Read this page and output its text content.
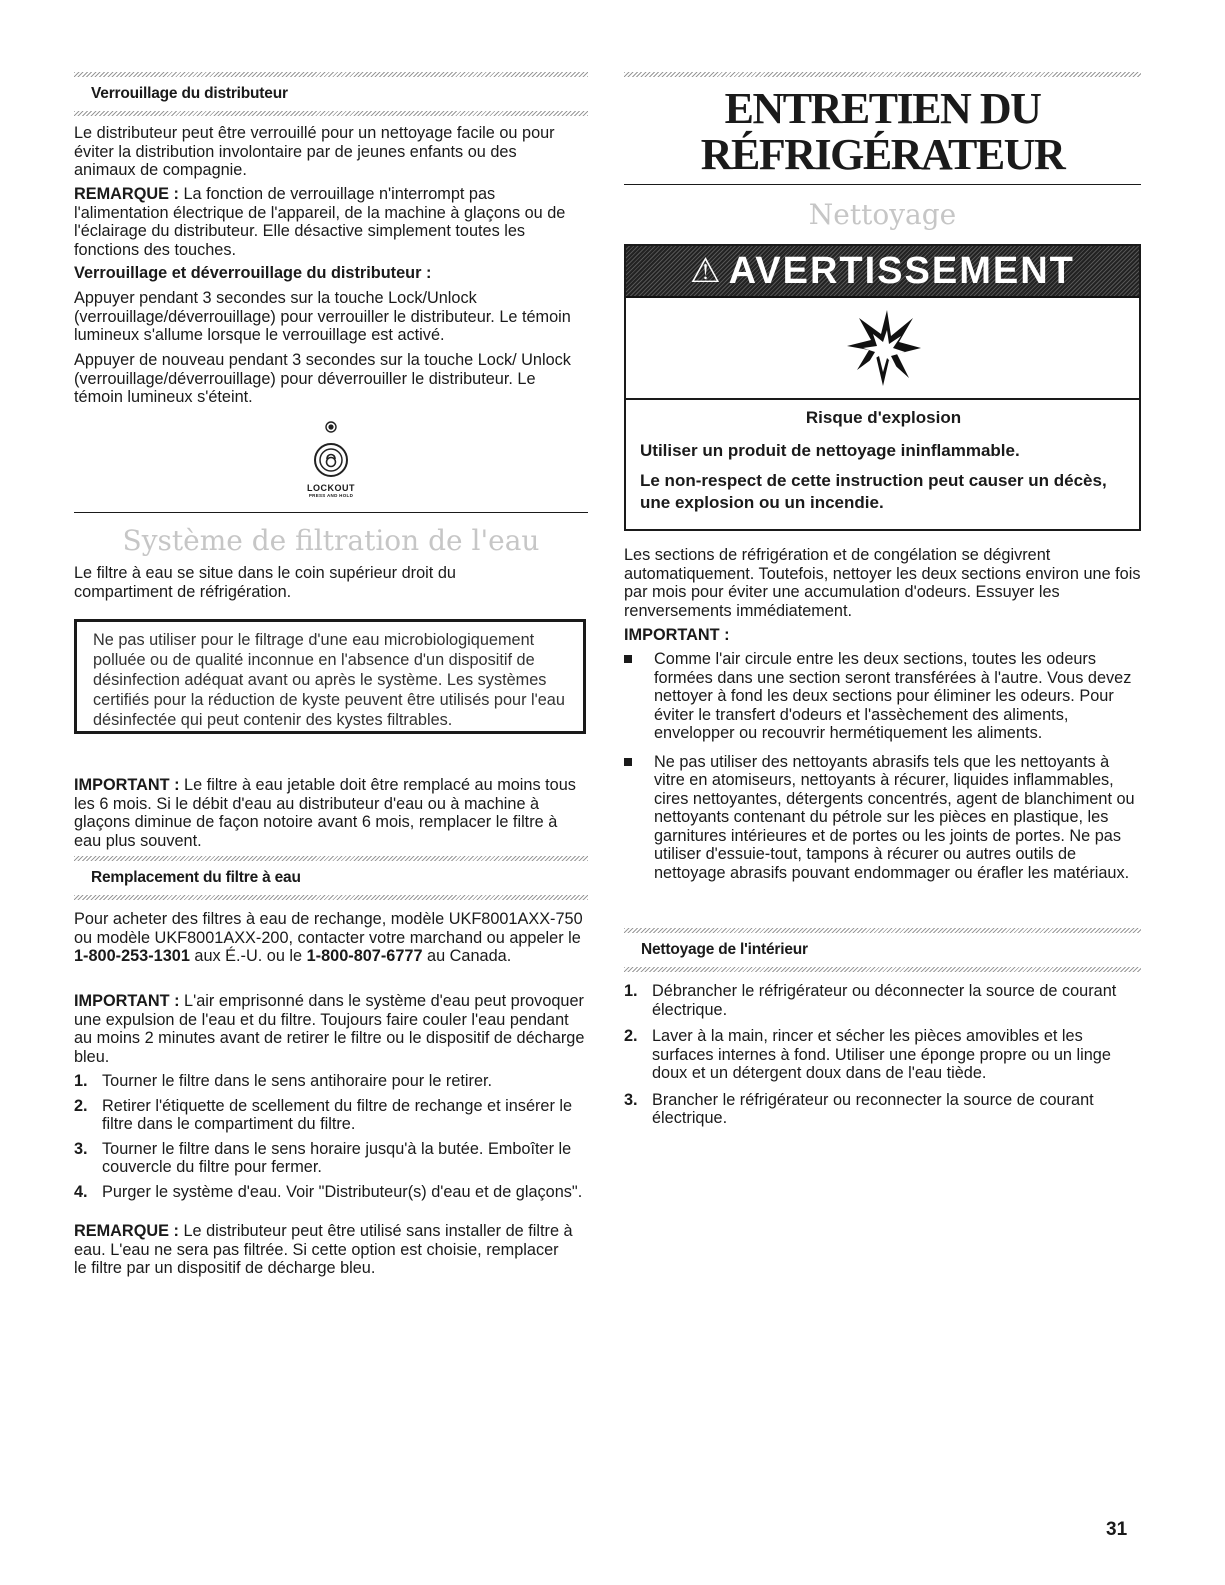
Verrouillage du distributeur

Le distributeur peut être verrouillé pour un nettoyage facile ou pour éviter la distribution involontaire par de jeunes enfants ou des animaux de compagnie.

REMARQUE : La fonction de verrouillage n'interrompt pas l'alimentation électrique de l'appareil, de la machine à glaçons ou de l'éclairage du distributeur. Elle désactive simplement toutes les fonctions des touches.

Verrouillage et déverrouillage du distributeur :

Appuyer pendant 3 secondes sur la touche Lock/Unlock (verrouillage/déverrouillage) pour verrouiller le distributeur. Le témoin lumineux s'allume lorsque le verrouillage est activé.

Appuyer de nouveau pendant 3 secondes sur la touche Lock/ Unlock (verrouillage/déverrouillage) pour déverrouiller le distributeur. Le témoin lumineux s'éteint.

LOCKOUT
PRESS AND HOLD
Système de filtration de l'eau

Le filtre à eau se situe dans le coin supérieur droit du compartiment de réfrigération.

Ne pas utiliser pour le filtrage d'une eau microbiologiquement polluée ou de qualité inconnue en l'absence d'un dispositif de désinfection adéquat avant ou après le système. Les systèmes certifiés pour la réduction de kyste peuvent être utilisés pour l'eau désinfectée qui peut contenir des kystes filtrables.

IMPORTANT : Le filtre à eau jetable doit être remplacé au moins tous les 6 mois. Si le débit d'eau au distributeur d'eau ou à machine à glaçons diminue de façon notoire avant 6 mois, remplacer le filtre à eau plus souvent.

Remplacement du filtre à eau

Pour acheter des filtres à eau de rechange, modèle UKF8001AXX-750 ou modèle UKF8001AXX-200, contacter votre marchand ou appeler le 1-800-253-1301 aux É.-U. ou le 1-800-807-6777 au Canada.

IMPORTANT : L'air emprisonné dans le système d'eau peut provoquer une expulsion de l'eau et du filtre. Toujours faire couler l'eau pendant au moins 2 minutes avant de retirer le filtre ou le dispositif de décharge bleu.

1. Tourner le filtre dans le sens antihoraire pour le retirer.
2. Retirer l'étiquette de scellement du filtre de rechange et insérer le filtre dans le compartiment du filtre.
3. Tourner le filtre dans le sens horaire jusqu'à la butée. Emboîter le couvercle du filtre pour fermer.
4. Purger le système d'eau. Voir "Distributeur(s) d'eau et de glaçons".

REMARQUE : Le distributeur peut être utilisé sans installer de filtre à eau. L'eau ne sera pas filtrée. Si cette option est choisie, remplacer le filtre par un dispositif de décharge bleu.

ENTRETIEN DU
RÉFRIGÉRATEUR
Nettoyage
⚠ AVERTISSEMENT
Risque d'explosion
Utiliser un produit de nettoyage ininflammable.
Le non-respect de cette instruction peut causer un décès, une explosion ou un incendie.

Les sections de réfrigération et de congélation se dégivrent automatiquement. Toutefois, nettoyer les deux sections environ une fois par mois pour éviter une accumulation d'odeurs. Essuyer les renversements immédiatement.

IMPORTANT :

Comme l'air circule entre les deux sections, toutes les odeurs formées dans une section seront transférées à l'autre. Vous devez nettoyer à fond les deux sections pour éliminer les odeurs. Pour éviter le transfert d'odeurs et l'assèchement des aliments, envelopper ou recouvrir hermétiquement les aliments.
Ne pas utiliser des nettoyants abrasifs tels que les nettoyants à vitre en atomiseurs, nettoyants à récurer, liquides inflammables, cires nettoyantes, détergents concentrés, agent de blanchiment ou nettoyants contenant du pétrole sur les pièces en plastique, les garnitures intérieures et de portes ou les joints de portes. Ne pas utiliser d'essuie-tout, tampons à récurer ou autres outils de nettoyage abrasifs pouvant endommager ou érafler les matériaux.
Nettoyage de l'intérieur
1. Débrancher le réfrigérateur ou déconnecter la source de courant électrique.
2. Laver à la main, rincer et sécher les pièces amovibles et les surfaces internes à fond. Utiliser une éponge propre ou un linge doux et un détergent doux dans de l'eau tiède.
3. Brancher le réfrigérateur ou reconnecter la source de courant électrique.
31
